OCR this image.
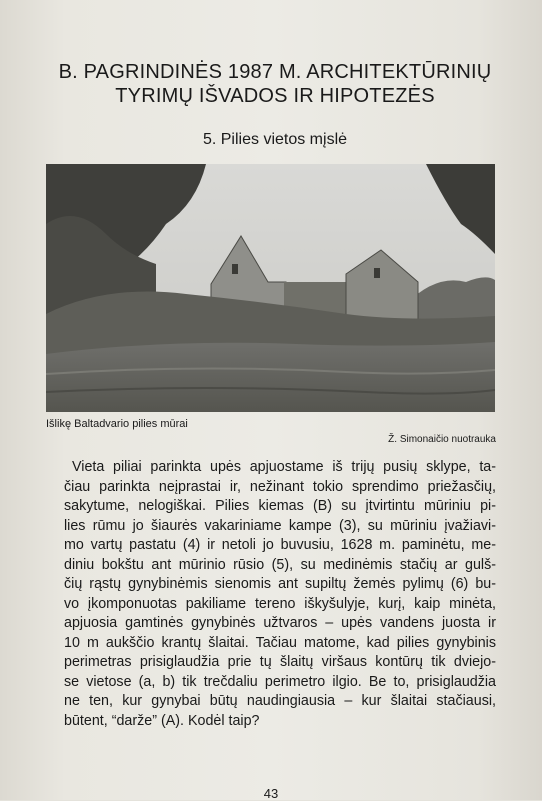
B. PAGRINDINĖS 1987 M. ARCHITEKTŪRINIŲ
TYRIMŲ IŠVADOS IR HIPOTEZĖS
5. Pilies vietos mįslė
Išlikę Baltadvario pilies mūrai
Ž. Simonaičio nuotrauka
Vieta piliai parinkta upės apjuostame iš trijų pusių sklype, ta-
čiau parinkta neįprastai ir, nežinant tokio sprendimo priežasčių,
sakytume, nelogiškai. Pilies kiemas (B) su įtvirtintu mūriniu pi-
lies rūmu jo šiaurės vakariniame kampe (3), su mūriniu įvažiavi-
mo vartų pastatu (4) ir netoli jo buvusiu, 1628 m. paminėtu, me-
diniu bokštu ant mūrinio rūsio (5), su medinėmis stačių ar gulš-
čių rąstų gynybinėmis sienomis ant supiltų žemės pylimų (6) bu-
vo įkomponuotas pakiliame tereno iškyšulyje, kurį, kaip minėta,
apjuosia gamtinės gynybinės užtvaros – upės vandens juosta ir
10 m aukščio krantų šlaitai. Tačiau matome, kad pilies gynybinis
perimetras prisiglaudžia prie tų šlaitų viršaus kontūrų tik dviejo-
se vietose (a, b) tik trečdaliu perimetro ilgio. Be to, prisiglaudžia
ne ten, kur gynybai būtų naudingiausia – kur šlaitai stačiausi,
būtent, “darže” (A). Kodėl taip?
43
